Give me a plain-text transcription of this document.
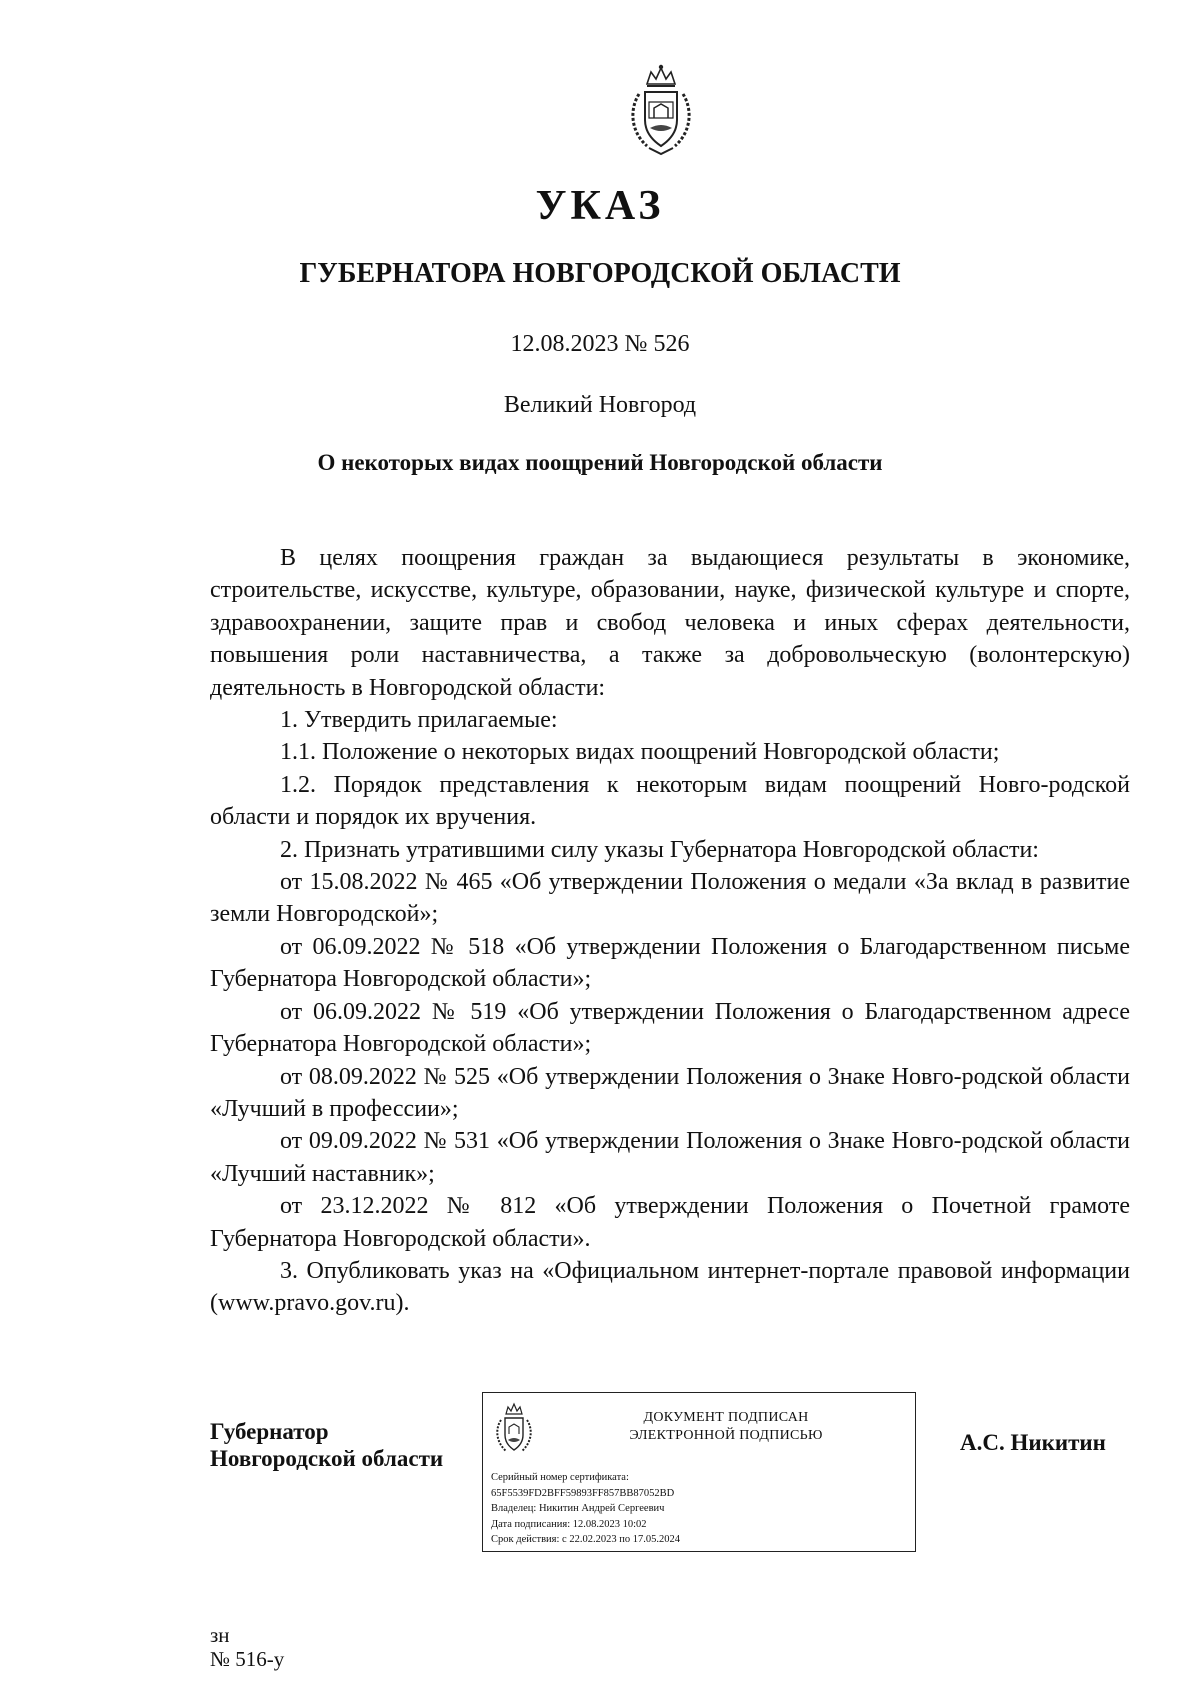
УКАЗ
ГУБЕРНАТОРА НОВГОРОДСКОЙ ОБЛАСТИ
12.08.2023 № 526
Великий Новгород
О некоторых видах поощрений Новгородской области

В целях поощрения граждан за выдающиеся результаты в экономике, строительстве, искусстве, культуре, образовании, науке, физической культуре и спорте, здравоохранении, защите прав и свобод человека и иных сферах деятельности, повышения роли наставничества, а также за добровольческую (волонтерскую) деятельность в Новгородской области:

1. Утвердить прилагаемые:

1.1. Положение о некоторых видах поощрений Новгородской области;

1.2. Порядок представления к некоторым видам поощрений Новго-родской области и порядок их вручения.

2. Признать утратившими силу указы Губернатора Новгородской области:

от 15.08.2022 № 465 «Об утверждении Положения о медали «За вклад в развитие земли Новгородской»;

от 06.09.2022 № 518 «Об утверждении Положения о Благодарственном письме Губернатора Новгородской области»;

от 06.09.2022 № 519 «Об утверждении Положения о Благодарственном адресе Губернатора Новгородской области»;

от 08.09.2022 № 525 «Об утверждении Положения о Знаке Новго-родской области «Лучший в профессии»;

от 09.09.2022 № 531 «Об утверждении Положения о Знаке Новго-родской области «Лучший наставник»;

от 23.12.2022 № 812 «Об утверждении Положения о Почетной грамоте Губернатора Новгородской области».

3. Опубликовать указ на «Официальном интернет-портале правовой информации (www.pravo.gov.ru).

Губернатор
Новгородской области
ДОКУМЕНТ ПОДПИСАН
ЭЛЕКТРОННОЙ ПОДПИСЬЮ
Серийный номер сертификата:
65F5539FD2BFF59893FF857BB87052BD
Владелец: Никитин Андрей Сергеевич
Дата подписания: 12.08.2023 10:02
Срок действия: с 22.02.2023 по 17.05.2024
А.С. Никитин
зн
№ 516-у
